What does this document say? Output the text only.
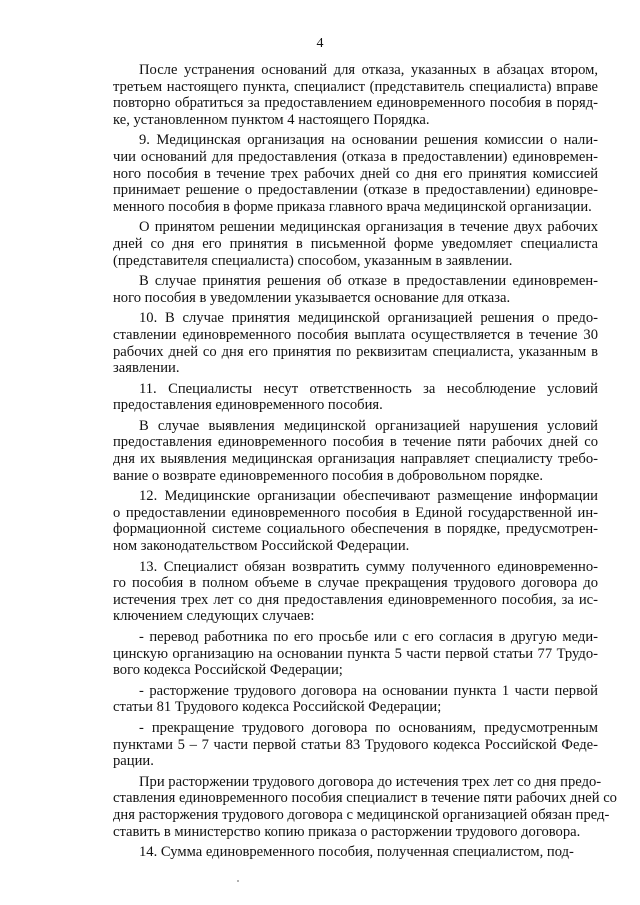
4
После устранения оснований для отказа, указанных в абзацах втором,
третьем настоящего пункта, специалист (представитель специалиста) вправе
повторно обратиться за предоставлением единовременного пособия в поряд-
ке, установленном пунктом 4 настоящего Порядка.
9. Медицинская организация на основании решения комиссии о нали-
чии оснований для предоставления (отказа в предоставлении) единовремен-
ного пособия в течение трех рабочих дней со дня его принятия комиссией
принимает решение о предоставлении (отказе в предоставлении) единовре-
менного пособия в форме приказа главного врача медицинской организации.
О принятом решении медицинская организация в течение двух рабочих
дней со дня его принятия в письменной форме уведомляет специалиста
(представителя специалиста) способом, указанным в заявлении.
В случае принятия решения об отказе в предоставлении единовремен-
ного пособия в уведомлении указывается основание для отказа.
10. В случае принятия медицинской организацией решения о предо-
ставлении единовременного пособия выплата осуществляется в течение 30
рабочих дней со дня его принятия по реквизитам специалиста, указанным в
заявлении.
11. Специалисты несут ответственность за несоблюдение условий
предоставления единовременного пособия.
В случае выявления медицинской организацией нарушения условий
предоставления единовременного пособия в течение пяти рабочих дней со
дня их выявления медицинская организация направляет специалисту требо-
вание о возврате единовременного пособия в добровольном порядке.
12. Медицинские организации обеспечивают размещение информации
о предоставлении единовременного пособия в Единой государственной ин-
формационной системе социального обеспечения в порядке, предусмотрен-
ном законодательством Российской Федерации.
13. Специалист обязан возвратить сумму полученного единовременно-
го пособия в полном объеме в случае прекращения трудового договора до
истечения трех лет со дня предоставления единовременного пособия, за ис-
ключением следующих случаев:
- перевод работника по его просьбе или с его согласия в другую меди-
цинскую организацию на основании пункта 5 части первой статьи 77 Трудо-
вого кодекса Российской Федерации;
- расторжение трудового договора на основании пункта 1 части первой
статьи 81 Трудового кодекса Российской Федерации;
- прекращение трудового договора по основаниям, предусмотренным
пунктами 5 – 7 части первой статьи 83 Трудового кодекса Российской Феде-
рации.
При расторжении трудового договора до истечения трех лет со дня предо-
ставления единовременного пособия специалист в течение пяти рабочих дней со
дня расторжения трудового договора с медицинской организацией обязан пред-
ставить в министерство копию приказа о расторжении трудового договора.
14. Сумма единовременного пособия, полученная специалистом, под-
